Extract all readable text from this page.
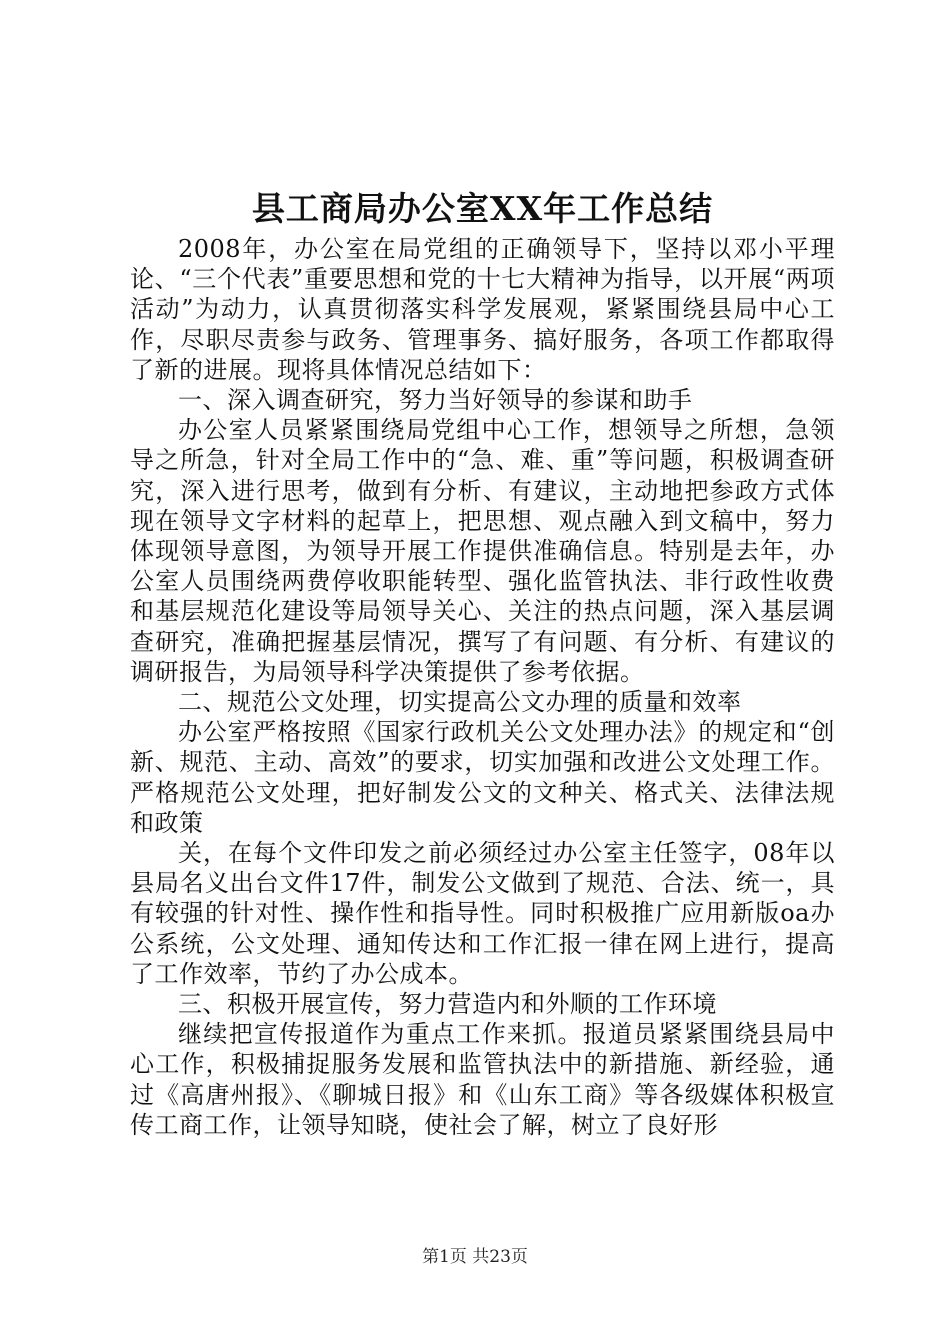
县工商局办公室XX年工作总结

2008年，办公室在局党组的正确领导下，坚持以邓小平理论、“三个代表”重要思想和党的十七大精神为指导，以开展“两项活动”为动力，认真贯彻落实科学发展观，紧紧围绕县局中心工作，尽职尽责参与政务、管理事务、搞好服务，各项工作都取得了新的进展。现将具体情况总结如下：

一、深入调查研究，努力当好领导的参谋和助手

办公室人员紧紧围绕局党组中心工作，想领导之所想，急领导之所急，针对全局工作中的“急、难、重”等问题，积极调查研究，深入进行思考，做到有分析、有建议，主动地把参政方式体现在领导文字材料的起草上，把思想、观点融入到文稿中，努力体现领导意图，为领导开展工作提供准确信息。特别是去年，办公室人员围绕两费停收职能转型、强化监管执法、非行政性收费和基层规范化建设等局领导关心、关注的热点问题，深入基层调查研究，准确把握基层情况，撰写了有问题、有分析、有建议的调研报告，为局领导科学决策提供了参考依据。

二、规范公文处理，切实提高公文办理的质量和效率

办公室严格按照《国家行政机关公文处理办法》的规定和“创新、规范、主动、高效”的要求，切实加强和改进公文处理工作。严格规范公文处理，把好制发公文的文种关、格式关、法律法规和政策

关，在每个文件印发之前必须经过办公室主任签字，08年以县局名义出台文件17件，制发公文做到了规范、合法、统一，具有较强的针对性、操作性和指导性。同时积极推广应用新版oa办公系统，公文处理、通知传达和工作汇报一律在网上进行，提高了工作效率，节约了办公成本。

三、积极开展宣传，努力营造内和外顺的工作环境

继续把宣传报道作为重点工作来抓。报道员紧紧围绕县局中心工作，积极捕捉服务发展和监管执法中的新措施、新经验，通过《高唐州报》、《聊城日报》和《山东工商》等各级媒体积极宣传工商工作，让领导知晓，使社会了解，树立了良好形

第1页 共23页
